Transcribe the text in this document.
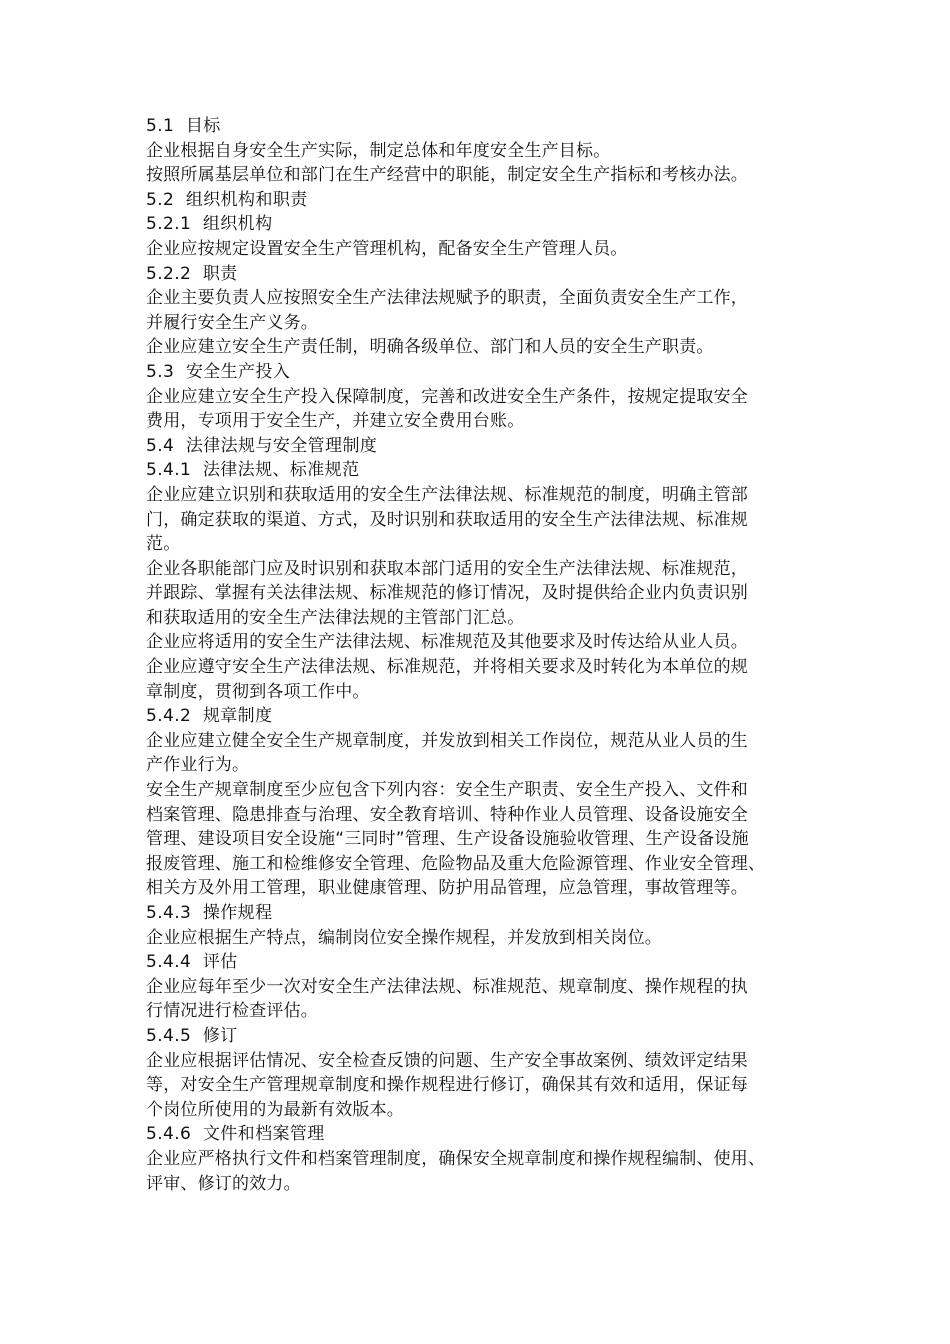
5.1  目标
企业根据自身安全生产实际，制定总体和年度安全生产目标。
按照所属基层单位和部门在生产经营中的职能，制定安全生产指标和考核办法。
5.2  组织机构和职责
5.2.1  组织机构
企业应按规定设置安全生产管理机构，配备安全生产管理人员。
5.2.2  职责
企业主要负责人应按照安全生产法律法规赋予的职责，全面负责安全生产工作，
并履行安全生产义务。
企业应建立安全生产责任制，明确各级单位、部门和人员的安全生产职责。
5.3  安全生产投入
企业应建立安全生产投入保障制度，完善和改进安全生产条件，按规定提取安全
费用，专项用于安全生产，并建立安全费用台账。
5.4  法律法规与安全管理制度
5.4.1  法律法规、标准规范
企业应建立识别和获取适用的安全生产法律法规、标准规范的制度，明确主管部
门，确定获取的渠道、方式，及时识别和获取适用的安全生产法律法规、标准规
范。
企业各职能部门应及时识别和获取本部门适用的安全生产法律法规、标准规范，
并跟踪、掌握有关法律法规、标准规范的修订情况，及时提供给企业内负责识别
和获取适用的安全生产法律法规的主管部门汇总。
企业应将适用的安全生产法律法规、标准规范及其他要求及时传达给从业人员。
企业应遵守安全生产法律法规、标准规范，并将相关要求及时转化为本单位的规
章制度，贯彻到各项工作中。
5.4.2  规章制度
企业应建立健全安全生产规章制度，并发放到相关工作岗位，规范从业人员的生
产作业行为。
安全生产规章制度至少应包含下列内容：安全生产职责、安全生产投入、文件和
档案管理、隐患排查与治理、安全教育培训、特种作业人员管理、设备设施安全
管理、建设项目安全设施“三同时”管理、生产设备设施验收管理、生产设备设施
报废管理、施工和检维修安全管理、危险物品及重大危险源管理、作业安全管理、
相关方及外用工管理，职业健康管理、防护用品管理，应急管理，事故管理等。
5.4.3  操作规程
企业应根据生产特点，编制岗位安全操作规程，并发放到相关岗位。
5.4.4  评估
企业应每年至少一次对安全生产法律法规、标准规范、规章制度、操作规程的执
行情况进行检查评估。
5.4.5  修订
企业应根据评估情况、安全检查反馈的问题、生产安全事故案例、绩效评定结果
等，对安全生产管理规章制度和操作规程进行修订，确保其有效和适用，保证每
个岗位所使用的为最新有效版本。
5.4.6  文件和档案管理
企业应严格执行文件和档案管理制度，确保安全规章制度和操作规程编制、使用、
评审、修订的效力。
